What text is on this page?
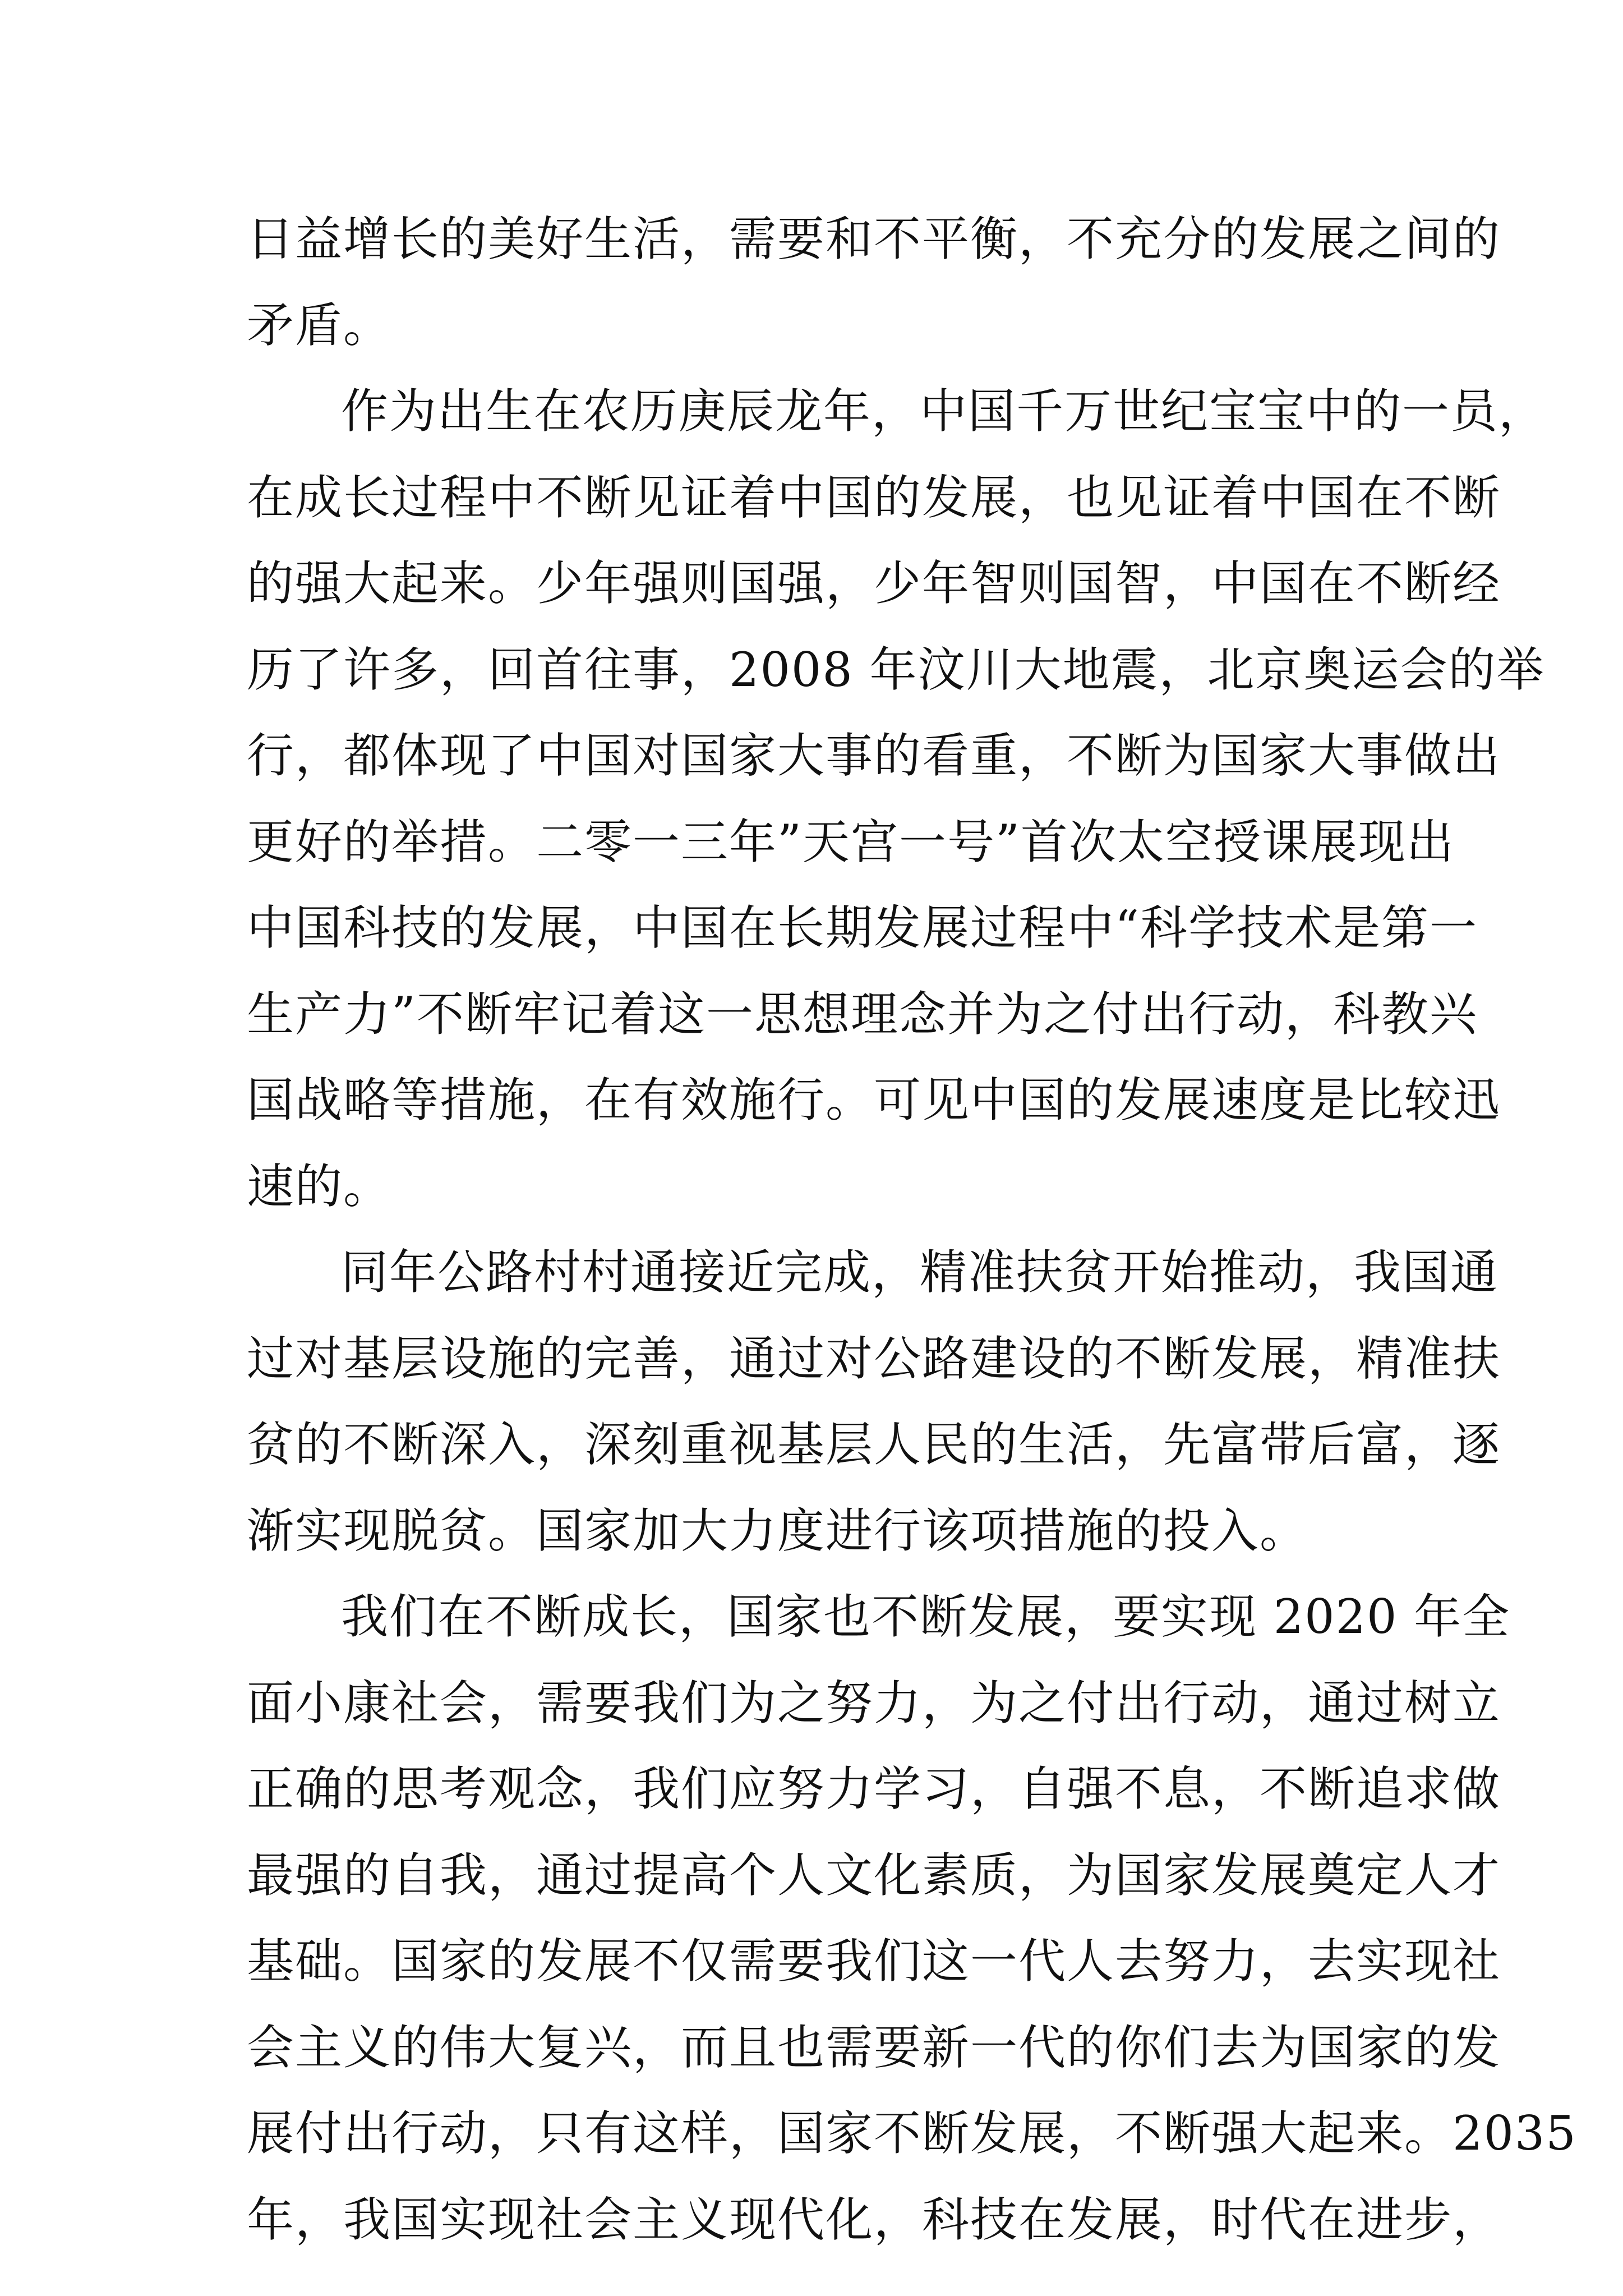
日益增长的美好生活，需要和不平衡，不充分的发展之间的
矛盾。

作为出生在农历庚辰龙年，中国千万世纪宝宝中的一员，
在成长过程中不断见证着中国的发展，也见证着中国在不断
的强大起来。少年强则国强，少年智则国智，中国在不断经
历了许多，回首往事，2008 年汶川大地震，北京奥运会的举
行，都体现了中国对国家大事的看重，不断为国家大事做出
更好的举措。二零一三年”天宫一号”首次太空授课展现出
中国科技的发展，中国在长期发展过程中“科学技术是第一
生产力”不断牢记着这一思想理念并为之付出行动，科教兴
国战略等措施，在有效施行。可见中国的发展速度是比较迅
速的。

同年公路村村通接近完成，精准扶贫开始推动，我国通
过对基层设施的完善，通过对公路建设的不断发展，精准扶
贫的不断深入，深刻重视基层人民的生活，先富带后富，逐
渐实现脱贫。国家加大力度进行该项措施的投入。

我们在不断成长，国家也不断发展，要实现 2020 年全
面小康社会，需要我们为之努力，为之付出行动，通过树立
正确的思考观念，我们应努力学习，自强不息，不断追求做
最强的自我，通过提高个人文化素质，为国家发展奠定人才
基础。国家的发展不仅需要我们这一代人去努力，去实现社
会主义的伟大复兴，而且也需要新一代的你们去为国家的发
展付出行动，只有这样，国家不断发展，不断强大起来。2035
年，我国实现社会主义现代化，科技在发展，时代在进步，
